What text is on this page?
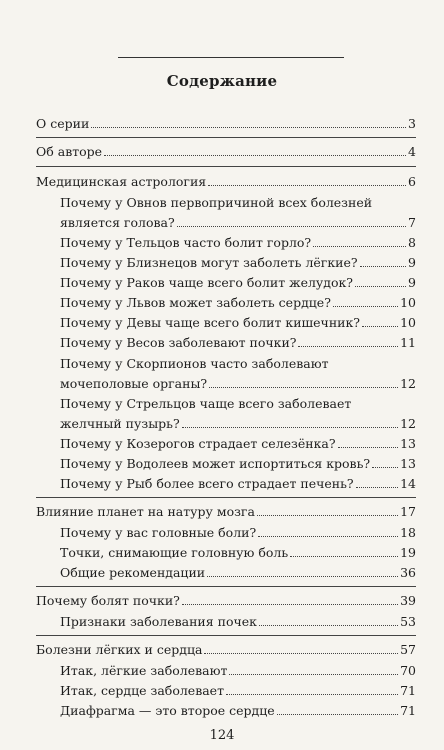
Содержание
О серии	3
Об авторе	4
Медицинская астрология	6
Почему у Овнов первопричиной всех болезней
является голова?	7
Почему у Тельцов часто болит горло?	8
Почему у Близнецов могут заболеть лёгкие?	9
Почему у Раков чаще всего болит желудок?	9
Почему у Львов может заболеть сердце?	10
Почему у Девы чаще всего болит кишечник?	10
Почему у Весов заболевают почки?	11
Почему у Скорпионов часто заболевают
мочеполовые органы?	12
Почему у Стрельцов чаще всего заболевает
желчный пузырь?	12
Почему у Козерогов страдает селезёнка?	13
Почему у Водолеев может испортиться кровь? 13
Почему у Рыб более всего страдает печень?	14
Влияние планет на натуру мозга	17
Почему у вас головные боли?	18
Точки, снимающие головную боль	19
Общие рекомендации	36
Почему болят почки?	39
Признаки заболевания почек	53
Болезни лёгких и сердца	57
Итак, лёгкие заболевают	70
Итак, сердце заболевает	71
Диафрагма — это второе сердце	71
124
